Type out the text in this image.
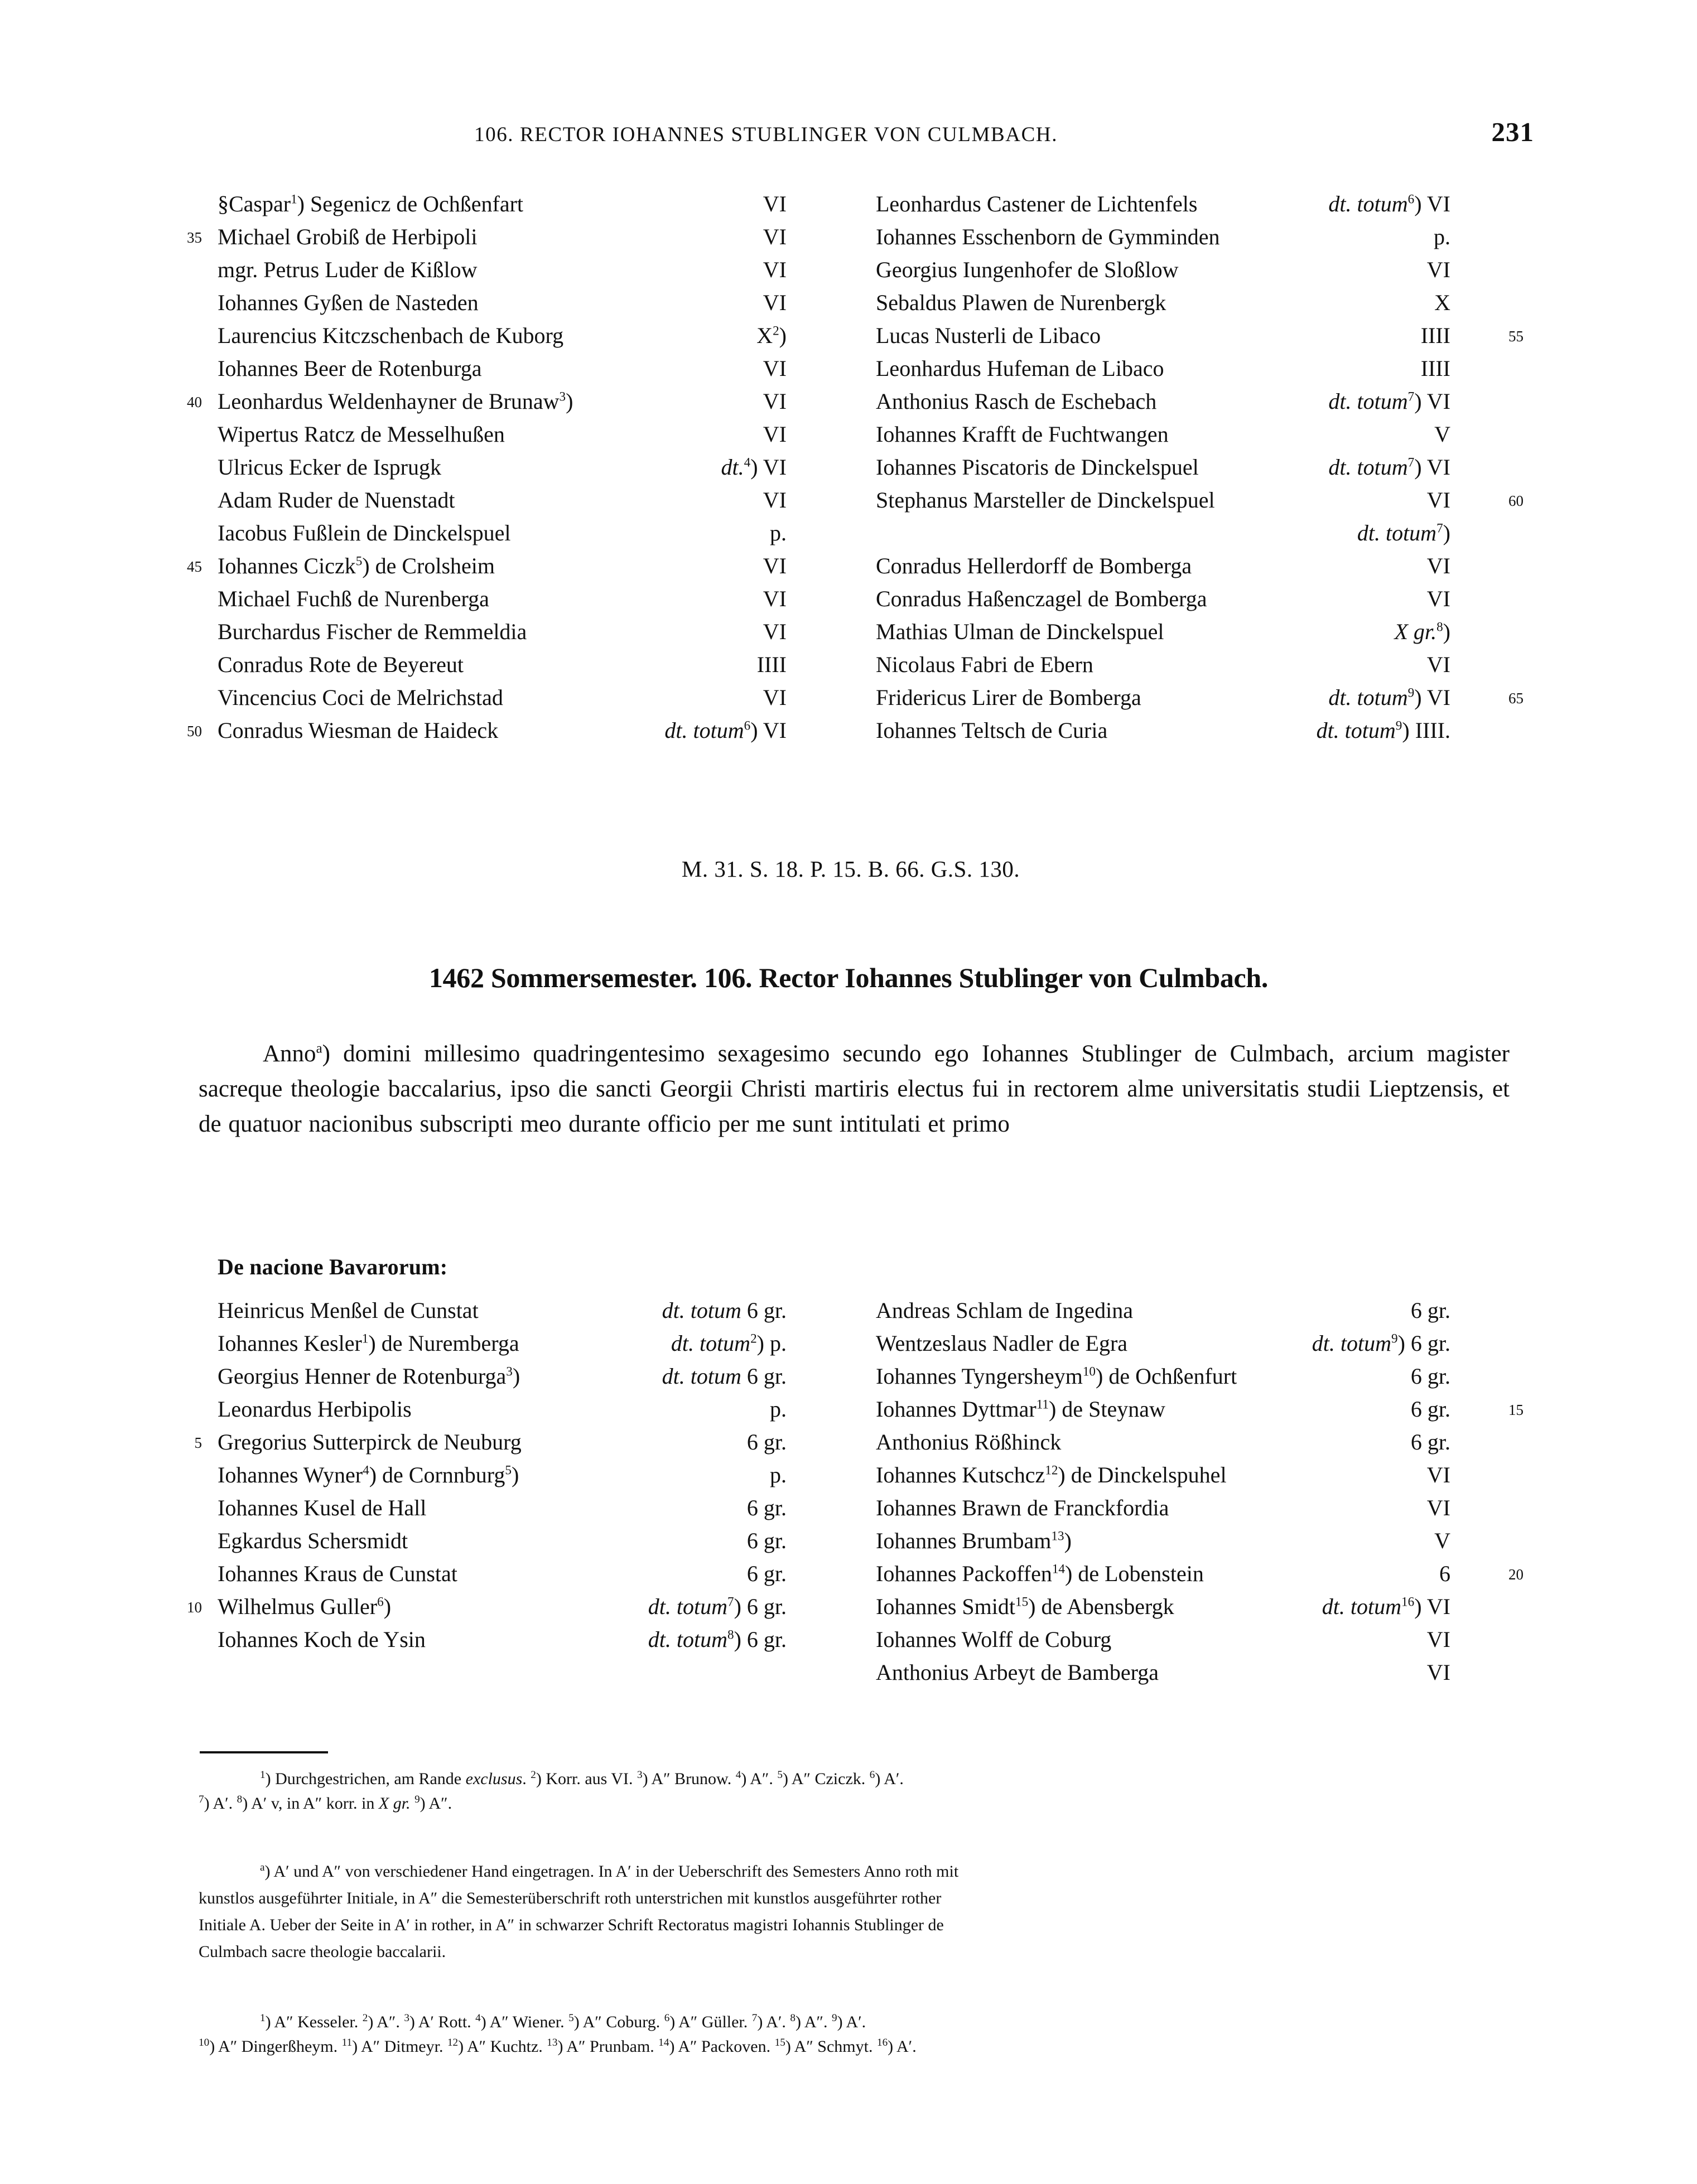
106. RECTOR IOHANNES STUBLINGER VON CULMBACH.	231
§Caspar$^1$) Segenicz de Ochßenfart	VI
35 Michael Grobiß de Herbipoli	VI
mgr. Petrus Luder de Kißlow	VI
Iohannes Gyßen de Nasteden	VI
Laurencius Kitczschenbach de Kuborg	$X^2$)
Iohannes Beer de Rotenburga	VI
40 Leonhardus Weldenhayner de Brunaw$^3$)	VI
Wipertus Ratcz de Messelhußen	VI
Ulricus Ecker de Isprugk	dt.$^4$) VI
Adam Ruder de Nuenstadt	VI
Iacobus Fußlein de Dinckelspuel	p.
45 Iohannes Ciczk$^5$) de Crolsheim	VI
Michael Fuchß de Nurenberga	VI
Burchardus Fischer de Remmeldia	VI
Conradus Rote de Beyereut	IIII
Vincencius Coci de Melrichstad	VI
50 Conradus Wiesman de Haideck	dt. totum$^6$) VI
Leonhardus Castener de Lichtenfels	dt. totum$^6$) VI
Iohannes Esschenborn de Gymminden	p.
Georgius Iungenhofer de Sloßlow	VI
Sebaldus Plawen de Nurenbergk	X
55
Lucas Nusterli de Libaco	IIII
Leonhardus Hufeman de Libaco	IIII
Anthonius Rasch de Eschebach	dt. totum$^7$) VI
Iohannes Krafft de Fuchtwangen	V
Iohannes Piscatoris de Dinckelspuel	dt. totum$^7$) VI
60
Stephanus Marsteller de Dinckelspuel	VI
dt. totum$^7$)
Conradus Hellerdorff de Bomberga	VI
Conradus Haßenczagel de Bomberga	VI
Mathias Ulman de Dinckelspuel	X gr.$^8$)
Nicolaus Fabri de Ebern	VI
65
Fridericus Lirer de Bomberga	dt. totum$^9$) VI
Iohannes Teltsch de Curia	dt. totum$^9$) IIII.
M. 31. S. 18. P. 15. B. 66. G.S. 130.
1462 Sommersemester. 106. Rector Iohannes Stublinger von Culmbach.
Anno$^a$) domini millesimo quadringentesimo sexagesimo secundo ego Iohannes Stublinger de Culmbach, arcium magister sacreque theologie baccalarius, ipso die sancti Georgii Christi martiris electus fui in rectorem alme universitatis studii Lieptzensis, et de quatuor nacionibus subscripti meo durante officio per me sunt intitulati et primo
De nacione Bavarorum:
Heinricus Menßel de Cunstat	dt. totum 6 gr.
Iohannes Kesler$^1$) de Nuremberga	dt. totum$^2$) p.
Georgius Henner de Rotenburga$^3$)	dt. totum 6 gr.
Leonardus Herbipolis	p.
5 Gregorius Sutterpirck de Neuburg	6 gr.
Iohannes Wyner$^4$) de Cornnburg$^5$)	p.
Iohannes Kusel de Hall	6 gr.
Egkardus Schersmidt	6 gr.
Iohannes Kraus de Cunstat	6 gr.
10 Wilhelmus Guller$^6$)	dt. totum$^7$) 6 gr.
Iohannes Koch de Ysin	dt. totum$^8$) 6 gr.
Andreas Schlam de Ingedina	6 gr.
Wentzeslaus Nadler de Egra	dt. totum$^9$) 6 gr.
Iohannes Tyngersheym$^{10}$) de Ochßenfurt	6 gr.
15
Iohannes Dyttmar$^{11}$) de Steynaw	6 gr.
Anthonius Rößhinck	6 gr.
Iohannes Kutschcz$^{12}$) de Dinckelspuhel	VI
Iohannes Brawn de Franckfordia	VI
Iohannes Brumbam$^{13}$)	V
20
Iohannes Packoffen$^{14}$) de Lobenstein	6
Iohannes Smidt$^{15}$) de Abensbergk	dt. totum$^{16}$) VI
Iohannes Wolff de Coburg	VI
Anthonius Arbeyt de Bamberga	VI
$^1$) Durchgestrichen, am Rande exclusus. $^2$) Korr. aus VI. $^3$) A″ Brunow. $^4$) A″. $^5$) A″ Cziczk. $^6$) A′.
$^7$) A′. $^8$) A′ v, in A″ korr. in X gr. $^9$) A″.
$^a$) A′ und A″ von verschiedener Hand eingetragen. In A′ in der Ueberschrift des Semesters Anno roth mit
kunstlos ausgeführter Initiale, in A″ die Semesterüberschrift roth unterstrichen mit kunstlos ausgeführter rother
Initiale A. Ueber der Seite in A′ in rother, in A″ in schwarzer Schrift Rectoratus magistri Iohannis Stublinger de
Culmbach sacre theologie baccalarii.
$^1$) A″ Kesseler. $^2$) A″. $^3$) A′ Rott. $^4$) A″ Wiener. $^5$) A″ Coburg. $^6$) A″ Güller. $^7$) A′. $^8$) A″. $^9$) A′.
$^{10}$) A″ Dingerßheym. $^{11}$) A″ Ditmeyr. $^{12}$) A″ Kuchtz. $^{13}$) A″ Prunbam. $^{14}$) A″ Packoven. $^{15}$) A″ Schmyt. $^{16}$) A′.
